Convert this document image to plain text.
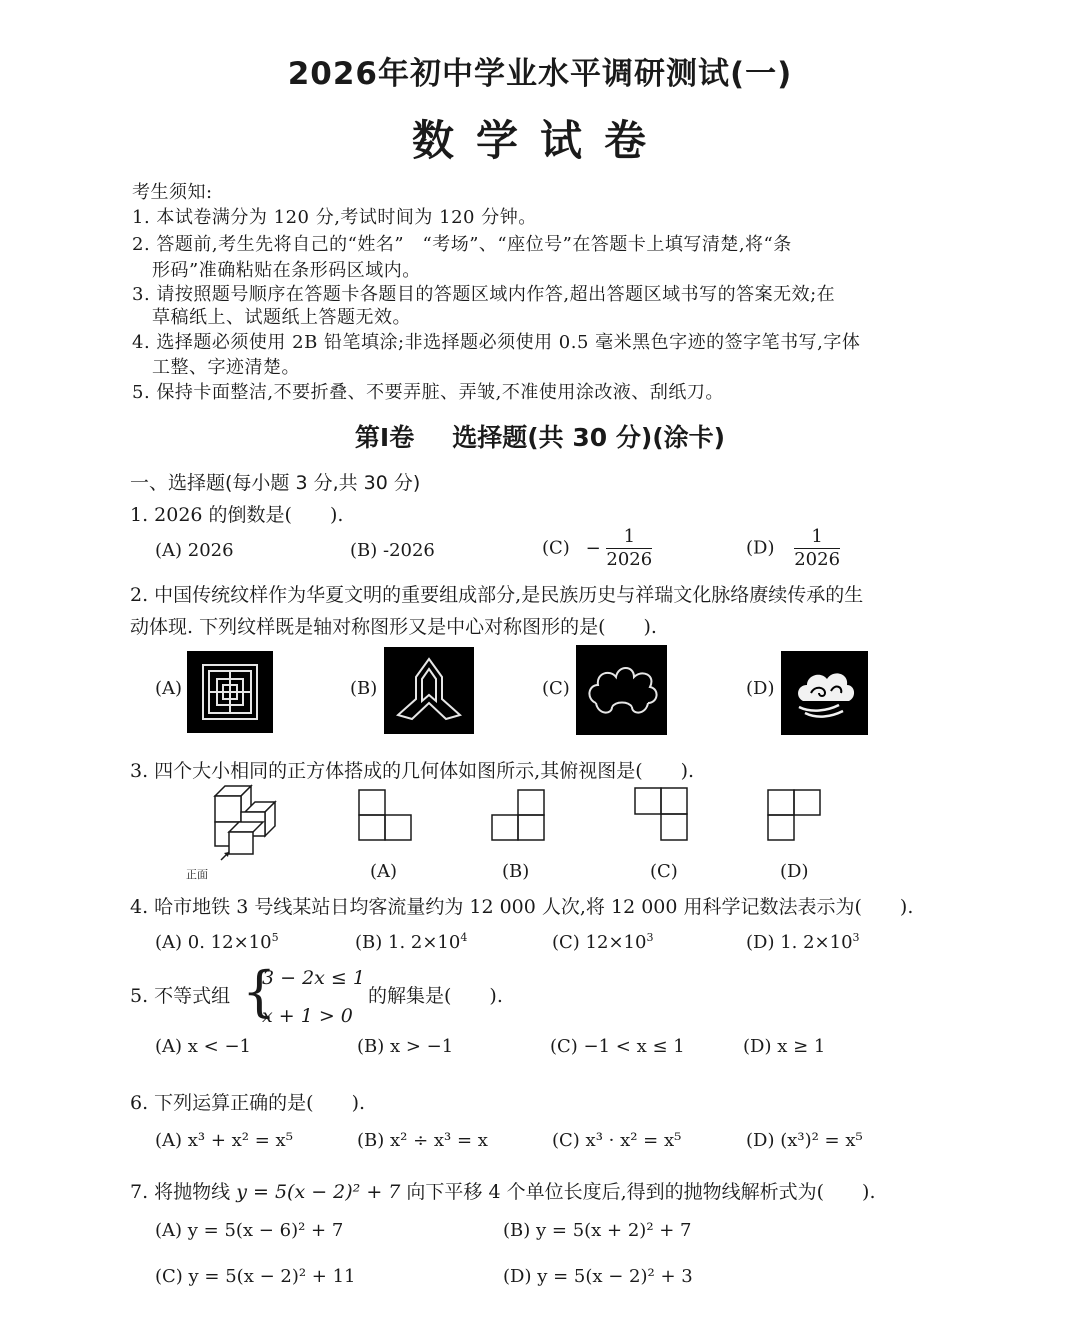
2026年初中学业水平调研测试(一)
数学试卷
考生须知:
1. 本试卷满分为 120 分,考试时间为 120 分钟。
2. 答题前,考生先将自己的“姓名”　“考场”、“座位号”在答题卡上填写清楚,将“条
形码”准确粘贴在条形码区域内。
3. 请按照题号顺序在答题卡各题目的答题区域内作答,超出答题区域书写的答案无效;在
草稿纸上、试题纸上答题无效。
4. 选择题必须使用 2B 铅笔填涂;非选择题必须使用 0.5 毫米黑色字迹的签字笔书写,字体
工整、字迹清楚。
5. 保持卡面整洁,不要折叠、不要弄脏、弄皱,不准使用涂改液、刮纸刀。
第Ⅰ卷 选择题(共 30 分)(涂卡)
一、选择题(每小题 3 分,共 30 分)
1. 2026 的倒数是(　　).
(A) 2026	(B) -2026	$(C) - \frac{1}{2026}$	$(D) \frac{1}{2026}$
2. 中国传统纹样作为华夏文明的重要组成部分,是民族历史与祥瑞文化脉络赓续传承的生
动体现. 下列纹样既是轴对称图形又是中心对称图形的是(　　).
(A)	(B)	(C)	(D)
3. 四个大小相同的正方体搭成的几何体如图所示,其俯视图是(　　).
正面	(A)	(B)	(C)	(D)
4. 哈市地铁 3 号线某站日均客流量约为 12 000 人次,将 12 000 用科学记数法表示为(　　).
(A) 0. $12\times 10^5$	(B) 1. $2\times 10^4$	(C) $12\times 10^3$	(D) 1. $2\times 10^3$
5. 不等式组 {
3 − 2x ≤ 1
x + 1 > 0
的解集是(　　).
(A) x < −1	(B) x > −1	(C) −1 < x ≤ 1	(D) x ≥ 1
6. 下列运算正确的是(　　).
(A) x³ + x² = x⁵	(B) x² ÷ x³ = x	(C) x³ · x² = x⁵	(D) (x³)² = x⁵
7. 将抛物线 y = 5(x − 2)² + 7 向下平移 4 个单位长度后,得到的抛物线解析式为(　　).
(A) y = 5(x − 6)² + 7	(B) y = 5(x + 2)² + 7
(C) y = 5(x − 2)² + 11	(D) y = 5(x − 2)² + 3
